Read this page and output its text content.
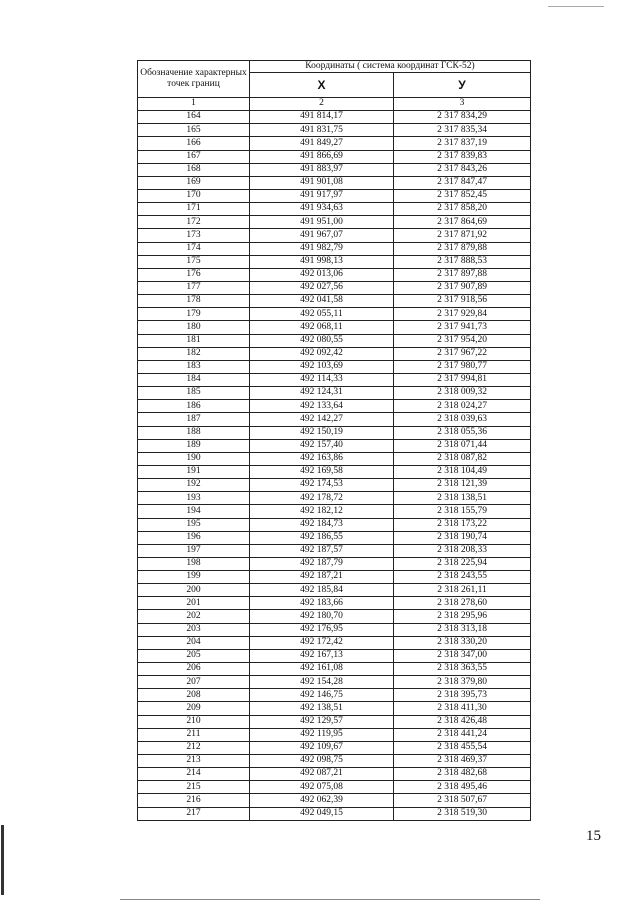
Обозначение характерных точек границ	Координаты ( система координат ГСК-52)	
	X	У
1	2	3
164	491 814,17	2 317 834,29
165	491 831,75	2 317 835,34
166	491 849,27	2 317 837,19
167	491 866,69	2 317 839,83
168	491 883,97	2 317 843,26
169	491 901,08	2 317 847,47
170	491 917,97	2 317 852,45
171	491 934,63	2 317 858,20
172	491 951,00	2 317 864,69
173	491 967,07	2 317 871,92
174	491 982,79	2 317 879,88
175	491 998,13	2 317 888,53
176	492 013,06	2 317 897,88
177	492 027,56	2 317 907,89
178	492 041,58	2 317 918,56
179	492 055,11	2 317 929,84
180	492 068,11	2 317 941,73
181	492 080,55	2 317 954,20
182	492 092,42	2 317 967,22
183	492 103,69	2 317 980,77
184	492 114,33	2 317 994,81
185	492 124,31	2 318 009,32
186	492 133,64	2 318 024,27
187	492 142,27	2 318 039,63
188	492 150,19	2 318 055,36
189	492 157,40	2 318 071,44
190	492 163,86	2 318 087,82
191	492 169,58	2 318 104,49
192	492 174,53	2 318 121,39
193	492 178,72	2 318 138,51
194	492 182,12	2 318 155,79
195	492 184,73	2 318 173,22
196	492 186,55	2 318 190,74
197	492 187,57	2 318 208,33
198	492 187,79	2 318 225,94
199	492 187,21	2 318 243,55
200	492 185,84	2 318 261,11
201	492 183,66	2 318 278,60
202	492 180,70	2 318 295,96
203	492 176,95	2 318 313,18
204	492 172,42	2 318 330,20
205	492 167,13	2 318 347,00
206	492 161,08	2 318 363,55
207	492 154,28	2 318 379,80
208	492 146,75	2 318 395,73
209	492 138,51	2 318 411,30
210	492 129,57	2 318 426,48
211	492 119,95	2 318 441,24
212	492 109,67	2 318 455,54
213	492 098,75	2 318 469,37
214	492 087,21	2 318 482,68
215	492 075,08	2 318 495,46
216	492 062,39	2 318 507,67
217	492 049,15	2 318 519,30
15
